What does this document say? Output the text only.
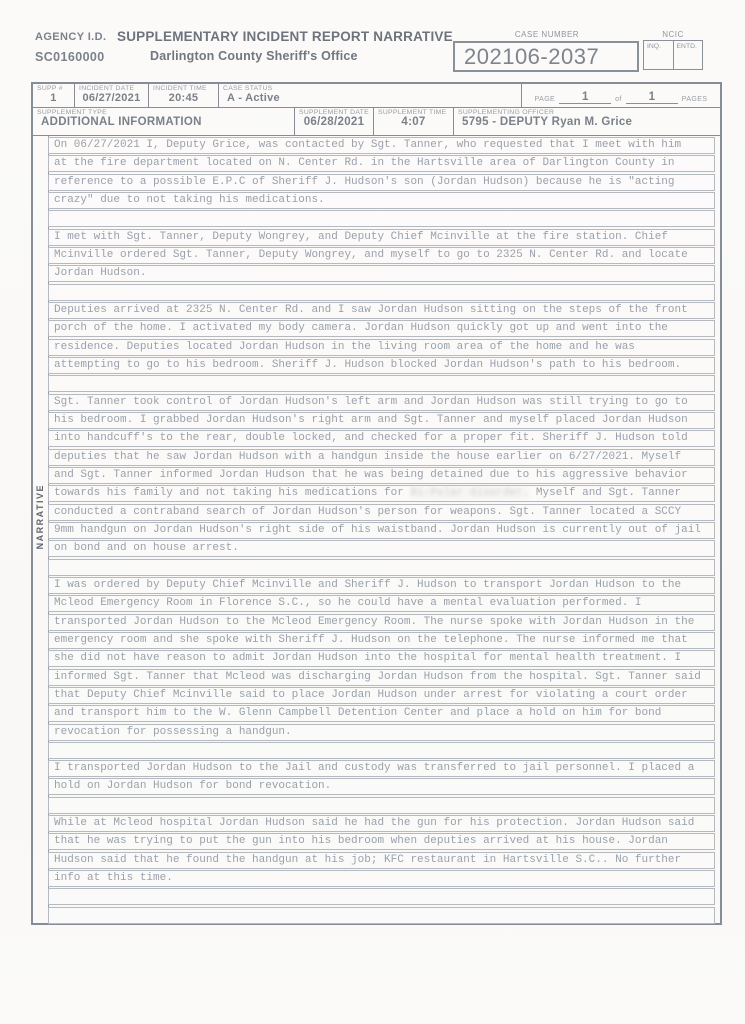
AGENCY I.D.
SC0160000
SUPPLEMENTARY INCIDENT REPORT NARRATIVE
Darlington County Sheriff's Office
CASE NUMBER
202106-2037
NCIC
INQ.	ENTD.
SUPP #
1
INCIDENT DATE
06/27/2021
INCIDENT TIME
20:45
CASE STATUS
A - Active	PAGE	1	of	1	PAGES
SUPPLEMENT TYPE
ADDITIONAL INFORMATION
SUPPLEMENT DATE
06/28/2021
SUPPLEMENT TIME
4:07
SUPPLEMENTING OFFICER
5795 - DEPUTY Ryan M. Grice
NARRATIVE
On 06/27/2021 I, Deputy Grice, was contacted by Sgt. Tanner, who requested that I meet with him
at the fire department located on N. Center Rd. in the Hartsville area of Darlington County in
reference to a possible E.P.C of Sheriff J. Hudson's son (Jordan Hudson) because he is "acting
crazy" due to not taking his medications.
I met with Sgt. Tanner, Deputy Wongrey, and Deputy Chief Mcinville at the fire station. Chief
Mcinville ordered Sgt. Tanner, Deputy Wongrey, and myself to go to 2325 N. Center Rd. and locate
Jordan Hudson.
Deputies arrived at 2325 N. Center Rd. and I saw Jordan Hudson sitting on the steps of the front
porch of the home. I activated my body camera. Jordan Hudson quickly got up and went into the
residence. Deputies located Jordan Hudson in the living room area of the home and he was
attempting to go to his bedroom. Sheriff J. Hudson blocked Jordan Hudson's path to his bedroom.
Sgt. Tanner took control of Jordan Hudson's left arm and Jordan Hudson was still trying to go to
his bedroom. I grabbed Jordan Hudson's right arm and Sgt. Tanner and myself placed Jordan Hudson
into handcuff's to the rear, double locked, and checked for a proper fit. Sheriff J. Hudson told
deputies that he saw Jordan Hudson with a handgun inside the house earlier on 6/27/2021. Myself
and Sgt. Tanner informed Jordan Hudson that he was being detained due to his aggressive behavior
towards his family and not taking his medications for Bi-Polar disorder. Myself and Sgt. Tanner
conducted a contraband search of Jordan Hudson's person for weapons. Sgt. Tanner located a SCCY
9mm handgun on Jordan Hudson's right side of his waistband. Jordan Hudson is currently out of jail
on bond and on house arrest.
I was ordered by Deputy Chief Mcinville and Sheriff J. Hudson to transport Jordan Hudson to the
Mcleod Emergency Room in Florence S.C., so he could have a mental evaluation performed. I
transported Jordan Hudson to the Mcleod Emergency Room. The nurse spoke with Jordan Hudson in the
emergency room and she spoke with Sheriff J. Hudson on the telephone. The nurse informed me that
she did not have reason to admit Jordan Hudson into the hospital for mental health treatment. I
informed Sgt. Tanner that Mcleod was discharging Jordan Hudson from the hospital. Sgt. Tanner said
that Deputy Chief Mcinville said to place Jordan Hudson under arrest for violating a court order
and transport him to the W. Glenn Campbell Detention Center and place a hold on him for bond
revocation for possessing a handgun.
I transported Jordan Hudson to the Jail and custody was transferred to jail personnel. I placed a
hold on Jordan Hudson for bond revocation.
While at Mcleod hospital Jordan Hudson said he had the gun for his protection. Jordan Hudson said
that he was trying to put the gun into his bedroom when deputies arrived at his house. Jordan
Hudson said that he found the handgun at his job; KFC restaurant in Hartsville S.C.. No further
info at this time.
